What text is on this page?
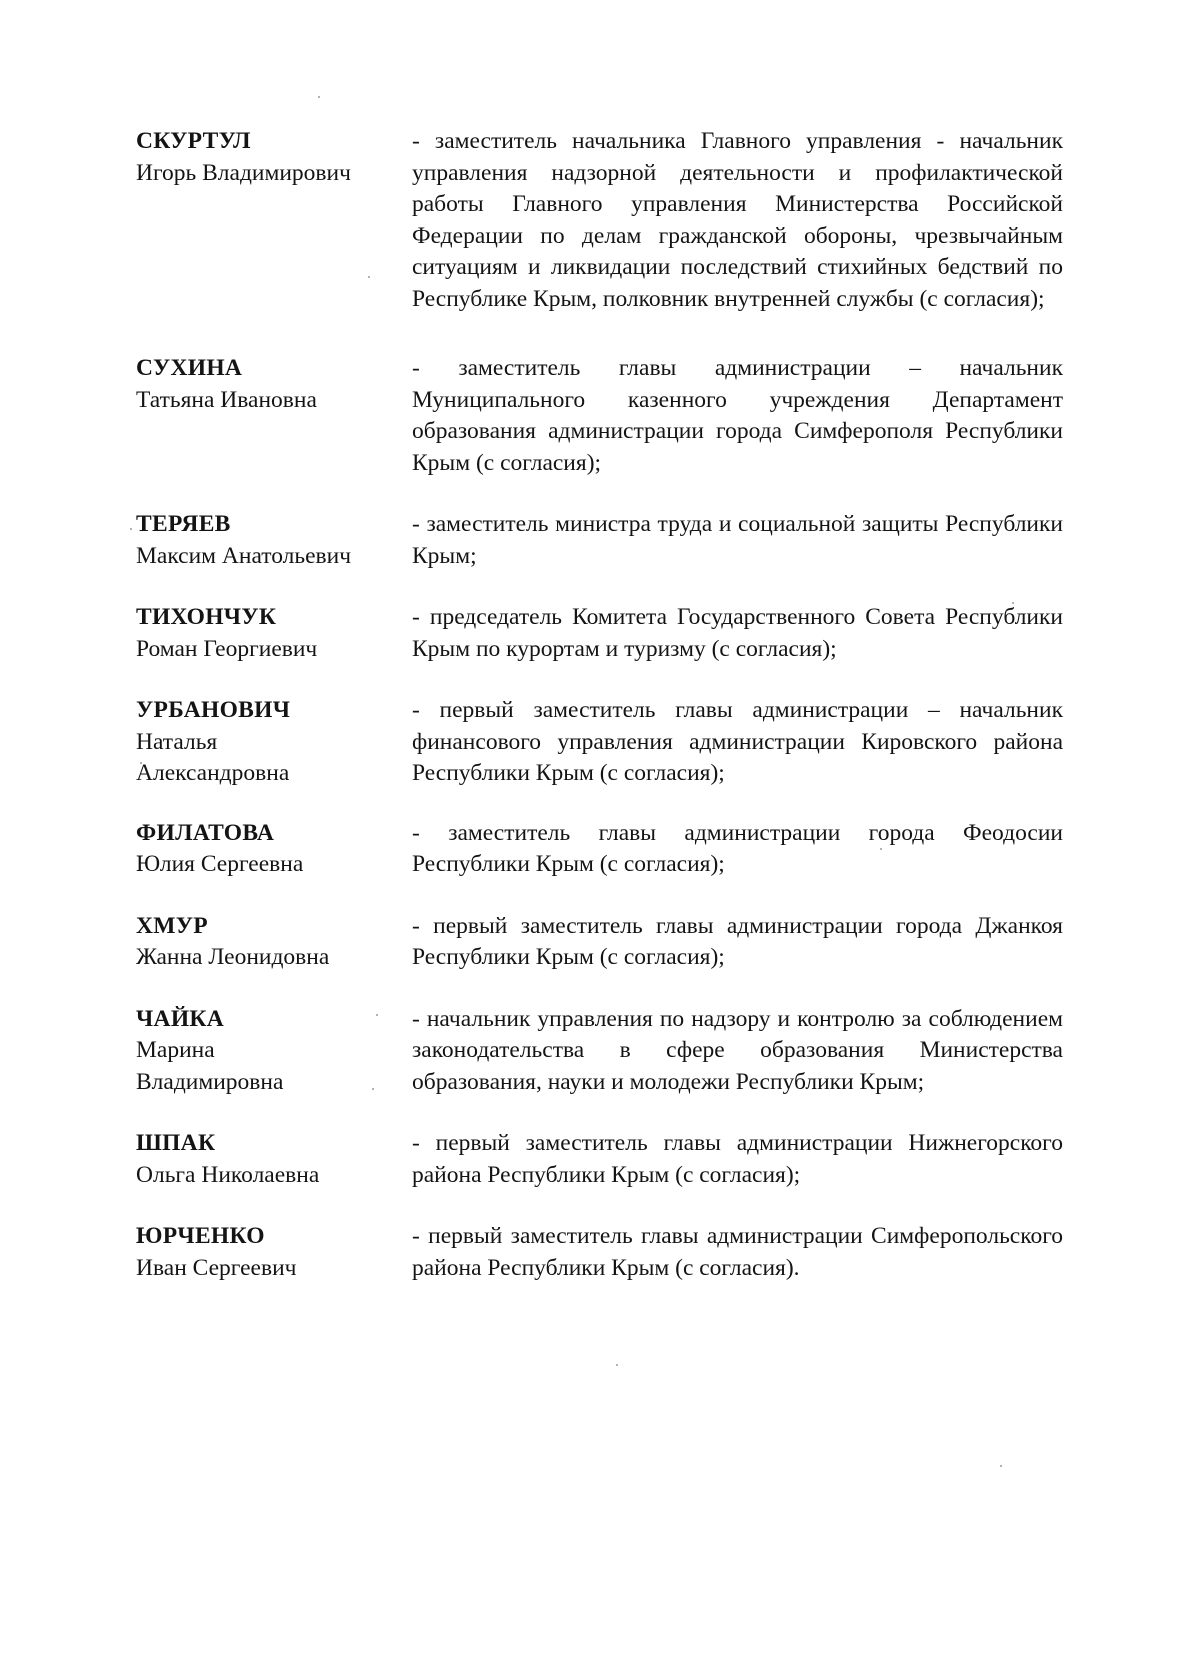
СКУРТУЛ
Игорь Владимирович
- заместитель начальника Главного управления - начальник управления надзорной деятельности и профилактической работы Главного управления Министерства Российской Федерации по делам гражданской обороны, чрезвычайным ситуациям и ликвидации последствий стихийных бедствий по Республике Крым, полковник внутренней службы (с согласия);
СУХИНА
Татьяна Ивановна
- заместитель главы администрации – начальник Муниципального казенного учреждения Департамент образования администрации города Симферополя Республики Крым (с согласия);
ТЕРЯЕВ
Максим Анатольевич
- заместитель министра труда и социальной защиты Республики Крым;
ТИХОНЧУК
Роман Георгиевич
- председатель Комитета Государственного Совета Республики Крым по курортам и туризму (с согласия);
УРБАНОВИЧ
Наталья Александровна
- первый заместитель главы администрации – начальник финансового управления администрации Кировского района Республики Крым (с согласия);
ФИЛАТОВА
Юлия Сергеевна
- заместитель главы администрации города Феодосии Республики Крым (с согласия);
ХМУР
Жанна Леонидовна
- первый заместитель главы администрации города Джанкоя Республики Крым (с согласия);
ЧАЙКА
Марина Владимировна
- начальник управления по надзору и контролю за соблюдением законодательства в сфере образования Министерства образования, науки и молодежи Республики Крым;
ШПАК
Ольга Николаевна
- первый заместитель главы администрации Нижнегорского района Республики Крым (с согласия);
ЮРЧЕНКО
Иван Сергеевич
- первый заместитель главы администрации Симферопольского района Республики Крым (с согласия).
